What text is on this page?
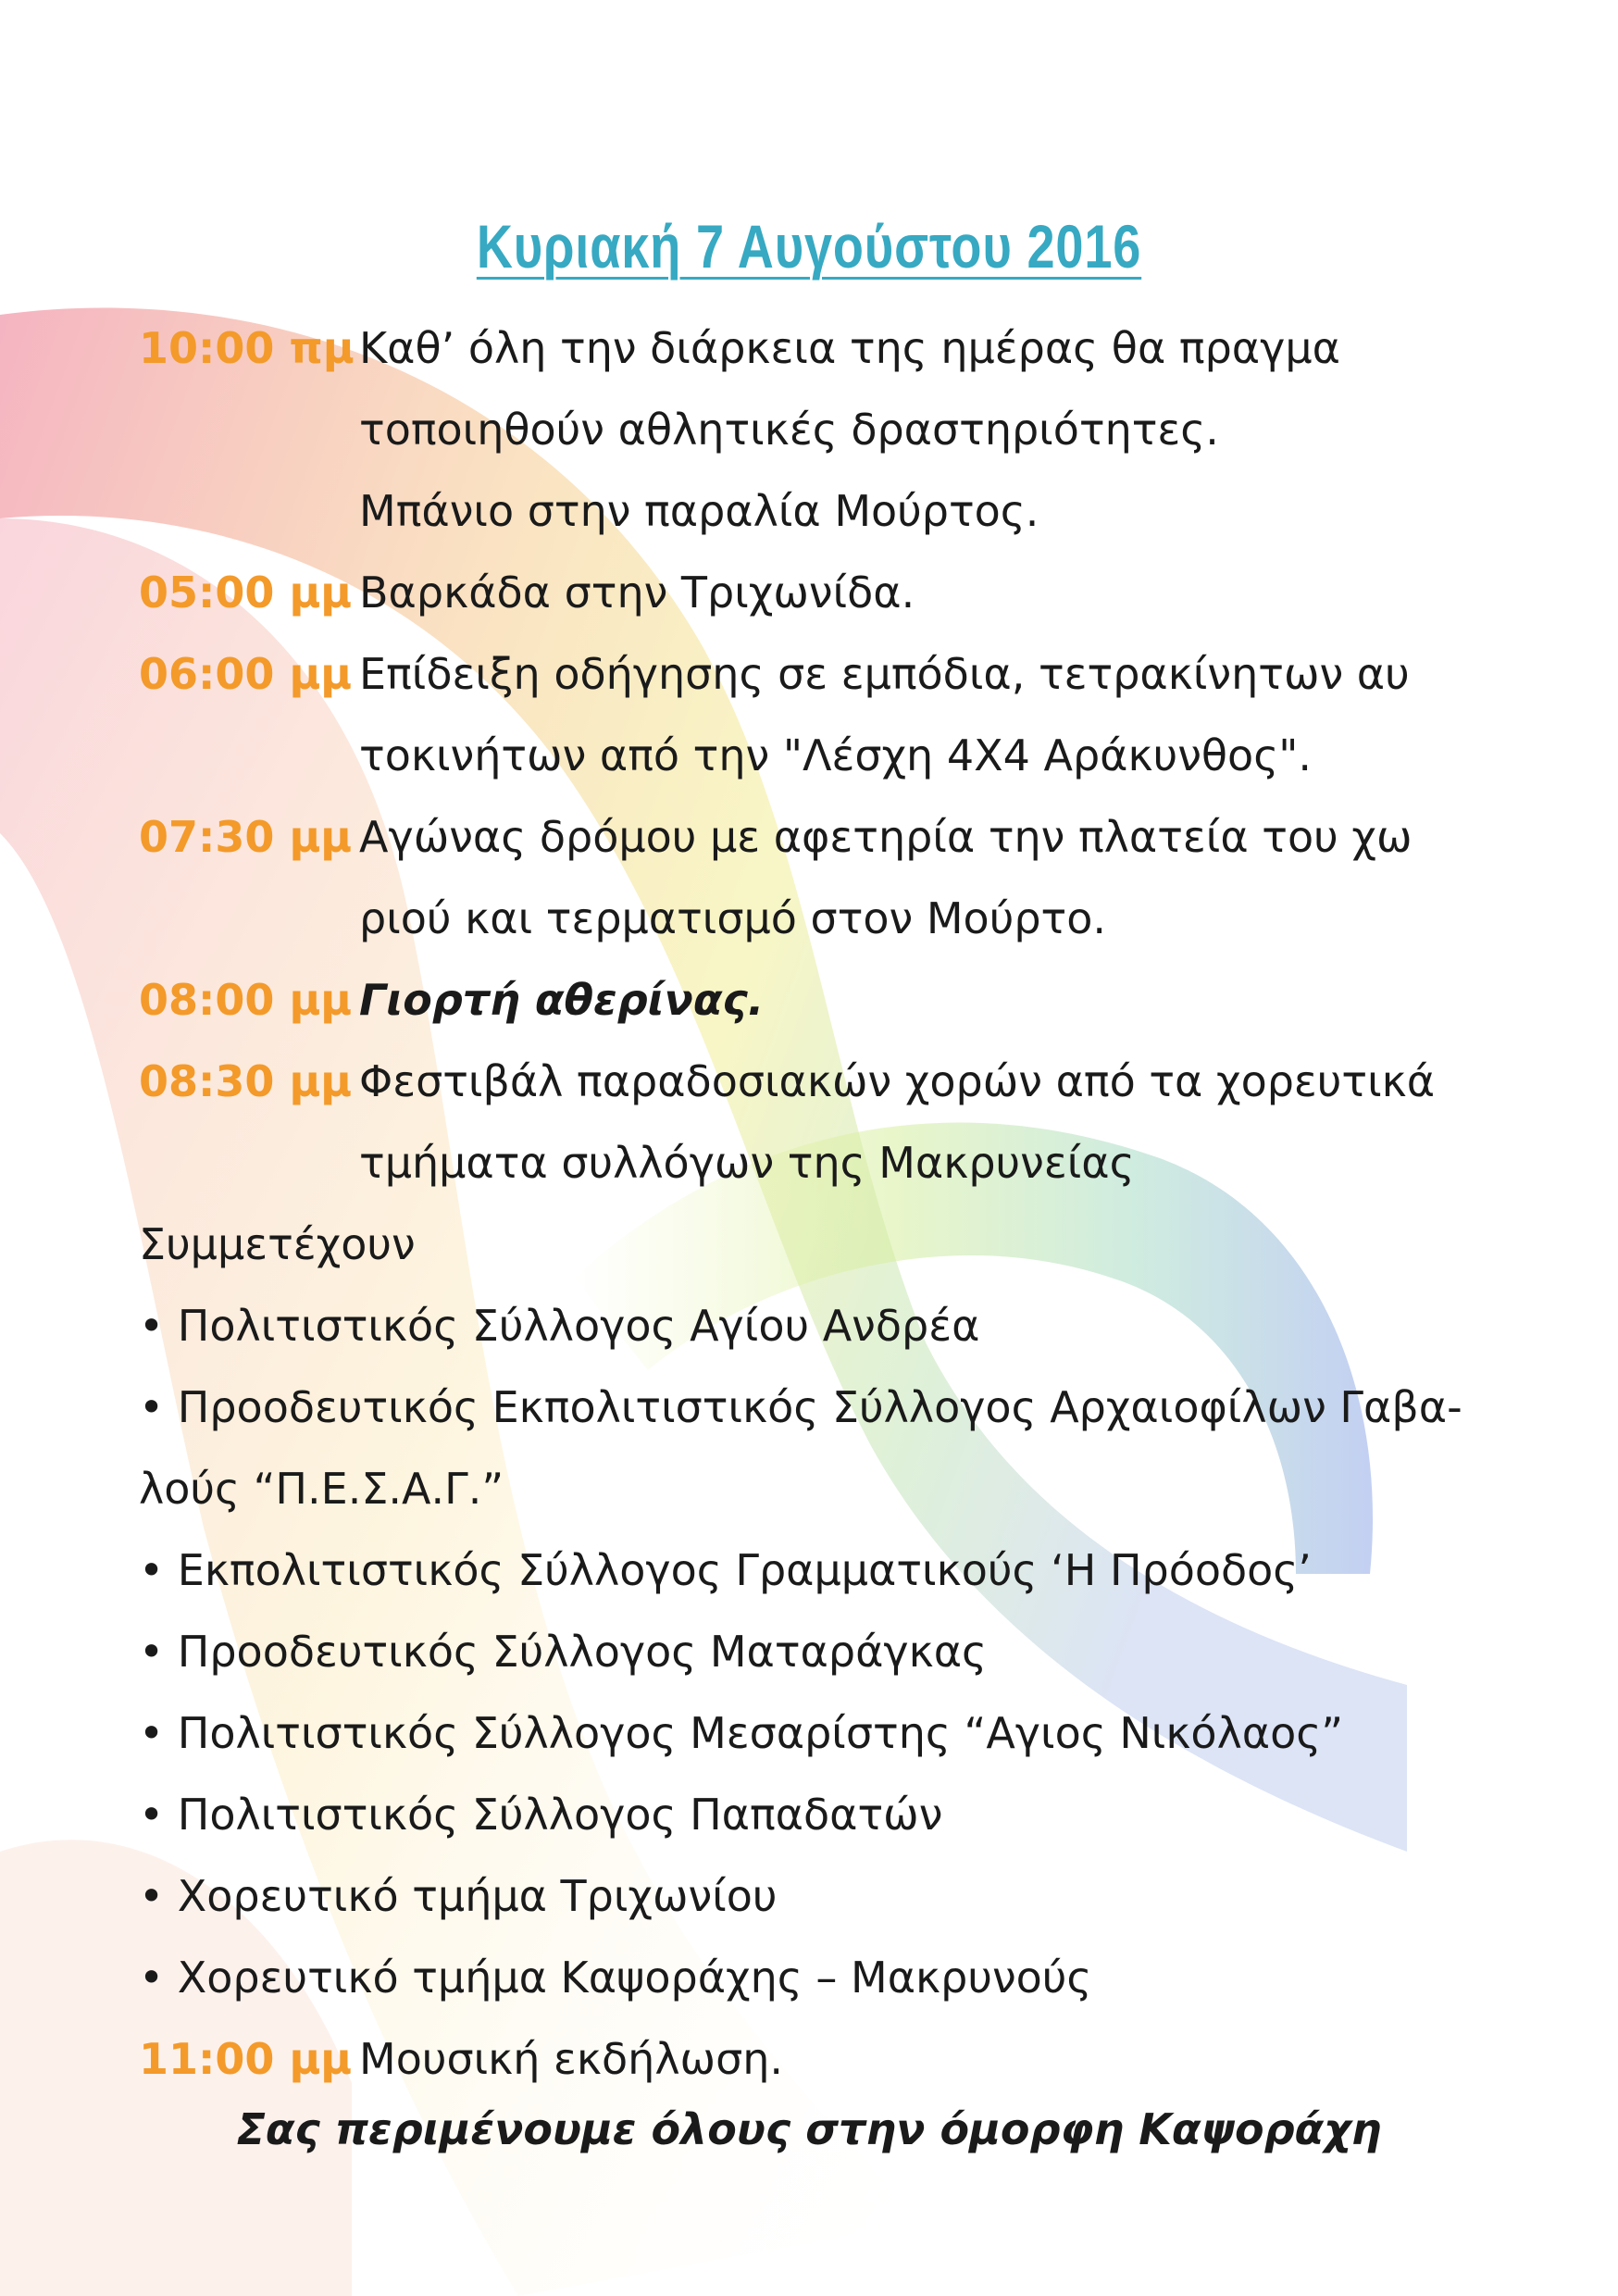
Κυριακή 7 Αυγούστου 2016
10:00 πμ Καθ’ όλη την διάρκεια της ημέρας θα πραγμα
τοποιηθούν αθλητικές δραστηριότητες.
Μπάνιο στην παραλία Μούρτος.
05:00 μμ Βαρκάδα στην Τριχωνίδα.
06:00 μμ Επίδειξη οδήγησης σε εμπόδια, τετρακίνητων αυ
τοκινήτων από την "Λέσχη 4Χ4 Αράκυνθος".
07:30 μμ Αγώνας δρόμου με αφετηρία την πλατεία του χω
ριού και τερματισμό στον Μούρτο.
08:00 μμ Γιορτή αθερίνας.
08:30 μμ Φεστιβάλ παραδοσιακών χορών από τα χορευτικά
τμήματα συλλόγων της Μακρυνείας
Συμμετέχουν
• Πολιτιστικός Σύλλογος Αγίου Ανδρέα
• Προοδευτικός Εκπολιτιστικός Σύλλογος Αρχαιοφίλων Γαβα-
λούς “Π.Ε.Σ.Α.Γ.”
• Εκπολιτιστικός Σύλλογος Γραμματικούς ‘Η Πρόοδος’
• Προοδευτικός Σύλλογος Ματαράγκας
• Πολιτιστικός Σύλλογος Μεσαρίστης “Αγιος Νικόλαος”
• Πολιτιστικός Σύλλογος Παπαδατών
• Χορευτικό τμήμα Τριχωνίου
• Χορευτικό τμήμα Καψοράχης – Μακρυνούς
11:00 μμ Μουσική εκδήλωση.
Σας περιμένουμε όλους στην όμορφη Καψοράχη
